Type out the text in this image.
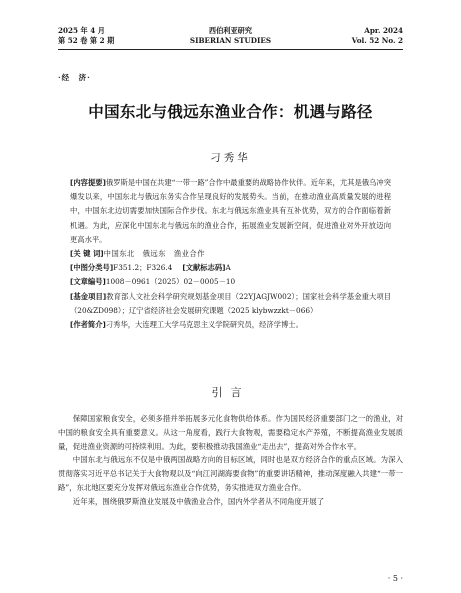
2025 年 4 月
第 52 卷 第 2 期
西伯利亚研究
SIBERIAN STUDIES
Apr. 2024
Vol. 52 No. 2
·经　济·
中国东北与俄远东渔业合作：机遇与路径
刁秀华

[内容提要]俄罗斯是中国在共建“一带一路”合作中最重要的战略协作伙伴。近年来，尤其是俄乌冲突爆发以来，中国东北与俄远东务实合作呈现良好的发展势头。当前，在推动渔业高质量发展的进程中，中国东北边切需要加快国际合作步伐。东北与俄远东渔业具有互补优势，双方的合作面临着新机遇。为此，应深化中国东北与俄远东的渔业合作，拓展渔业发展新空间，促进渔业对外开放迈向更高水平。

[关 键 词]中国东北　俄远东　渔业合作

[中图分类号]F351.2；F326.4 [文献标志码]A

[文章编号]1008－0961（2025）02－0005－10

[基金项目]教育部人文社会科学研究规划基金项目（22YJAGJW002）；国家社会科学基金重大项目（20&ZD098）；辽宁省经济社会发展研究课题（2025 klybwzzkt－066）

[作者简介]刁秀华，大连理工大学马克思主义学院研究员，经济学博士。

引言

保障国家粮食安全，必须多措并举拓展多元化食物供给体系。作为国民经济重要部门之一的渔业，对中国的粮食安全具有重要意义。从这一角度看，践行大食物观，需要稳定水产养殖，不断提高渔业发展质量，促进渔业资源的可持续利用。为此，要积极推动我国渔业“走出去”，提高对外合作水平。

中国东北与俄远东不仅是中俄两国战略方向的目标区域，同时也是双方经济合作的重点区域。为深入贯彻落实习近平总书记关于大食物观以及“向江河湖海要食物”的重要讲话精神，推动深度融入共建“一带一路”，东北地区要充分发挥对俄远东渔业合作优势，务实推进双方渔业合作。

近年来，围绕俄罗斯渔业发展及中俄渔业合作，国内外学者从不同角度开展了

· 5 ·
